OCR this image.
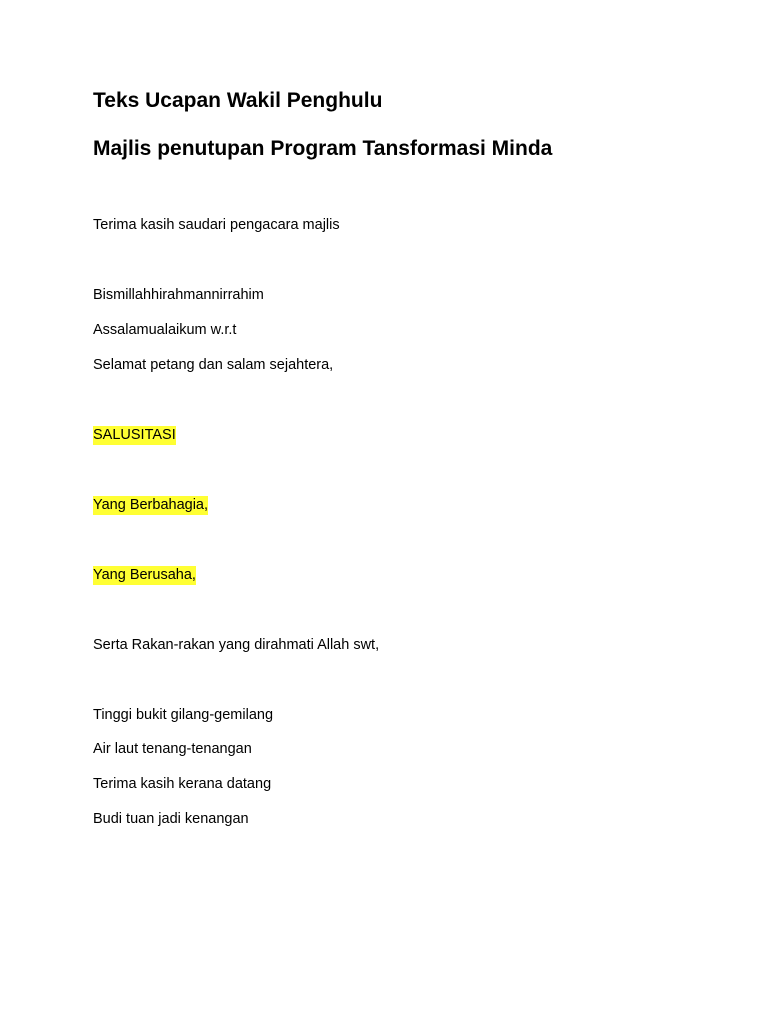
Teks Ucapan Wakil Penghulu
Majlis penutupan Program Tansformasi Minda
Terima kasih saudari pengacara majlis
Bismillahhirahmannirrahim
Assalamualaikum w.r.t
Selamat petang dan salam sejahtera,
SALUSITASI
Yang Berbahagia,
Yang Berusaha,
Serta Rakan-rakan yang dirahmati Allah swt,
Tinggi bukit gilang-gemilang
Air laut tenang-tenangan
Terima kasih kerana datang
Budi tuan jadi kenangan
